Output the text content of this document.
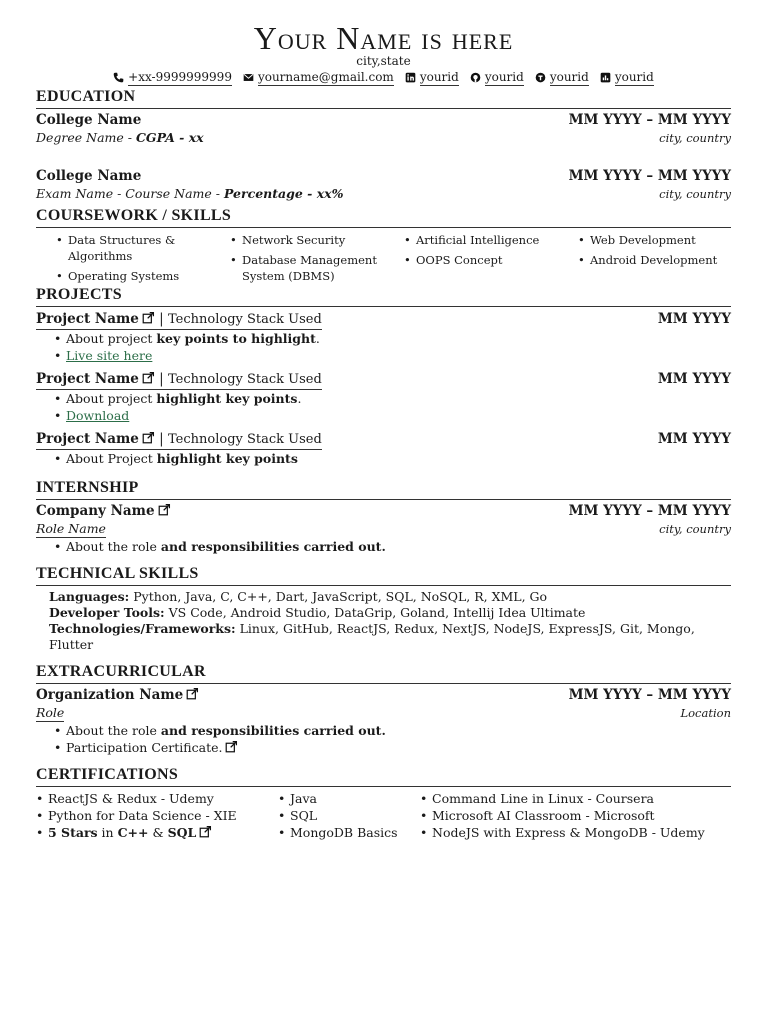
Your Name is here
city,state
+xx-9999999999 yourname@gmail.com yourid yourid yourid yourid
EDUCATION
College Name	MM YYYY – MM YYYY
Degree Name - CGPA - xx	city, country
College Name	MM YYYY – MM YYYY
Exam Name - Course Name - Percentage - xx%	city, country
COURSEWORK / SKILLS
• Data Structures & Algorithms
• Operating Systems
• Network Security
• Database Management System (DBMS)
• Artificial Intelligence
• OOPS Concept
• Web Development
• Android Development
PROJECTS
Project Name | Technology Stack Used	MM YYYY
• About project key points to highlight.
• Live site here
Project Name | Technology Stack Used	MM YYYY
• About project highlight key points.
• Download
Project Name | Technology Stack Used	MM YYYY
• About Project highlight key points
INTERNSHIP
Company Name	MM YYYY – MM YYYY
Role Name	city, country
• About the role and responsibilities carried out.
TECHNICAL SKILLS
Languages: Python, Java, C, C++, Dart, JavaScript, SQL, NoSQL, R, XML, Go
Developer Tools: VS Code, Android Studio, DataGrip, Goland, Intellij Idea Ultimate
Technologies/Frameworks: Linux, GitHub, ReactJS, Redux, NextJS, NodeJS, ExpressJS, Git, Mongo, Flutter
EXTRACURRICULAR
Organization Name	MM YYYY – MM YYYY
Role	Location
• About the role and responsibilities carried out.
• Participation Certificate.
CERTIFICATIONS
• ReactJS & Redux - Udemy
• Python for Data Science - XIE
• 5 Stars in C++ & SQL
• Java
• SQL
• MongoDB Basics
• Command Line in Linux - Coursera
• Microsoft AI Classroom - Microsoft
• NodeJS with Express & MongoDB - Udemy
